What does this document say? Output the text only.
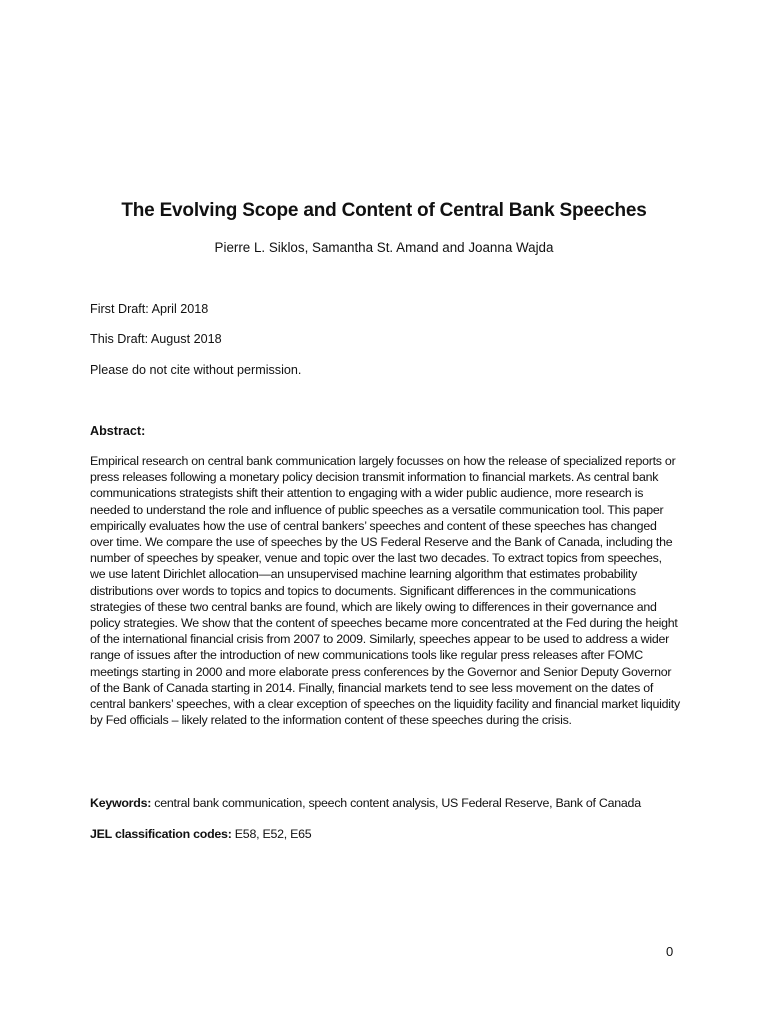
The Evolving Scope and Content of Central Bank Speeches
Pierre L. Siklos, Samantha St. Amand and Joanna Wajda
First Draft: April 2018
This Draft: August 2018
Please do not cite without permission.
Abstract:

Empirical research on central bank communication largely focusses on how the release of specialized reports or press releases following a monetary policy decision transmit information to financial markets. As central bank communications strategists shift their attention to engaging with a wider public audience, more research is needed to understand the role and influence of public speeches as a versatile communication tool. This paper empirically evaluates how the use of central bankers’ speeches and content of these speeches has changed over time. We compare the use of speeches by the US Federal Reserve and the Bank of Canada, including the number of speeches by speaker, venue and topic over the last two decades. To extract topics from speeches, we use latent Dirichlet allocation—an unsupervised machine learning algorithm that estimates probability distributions over words to topics and topics to documents. Significant differences in the communications strategies of these two central banks are found, which are likely owing to differences in their governance and policy strategies. We show that the content of speeches became more concentrated at the Fed during the height of the international financial crisis from 2007 to 2009. Similarly, speeches appear to be used to address a wider range of issues after the introduction of new communications tools like regular press releases after FOMC meetings starting in 2000 and more elaborate press conferences by the Governor and Senior Deputy Governor of the Bank of Canada starting in 2014. Finally, financial markets tend to see less movement on the dates of central bankers’ speeches, with a clear exception of speeches on the liquidity facility and financial market liquidity by Fed officials – likely related to the information content of these speeches during the crisis.

Keywords: central bank communication, speech content analysis, US Federal Reserve, Bank of Canada
JEL classification codes: E58, E52, E65
0
